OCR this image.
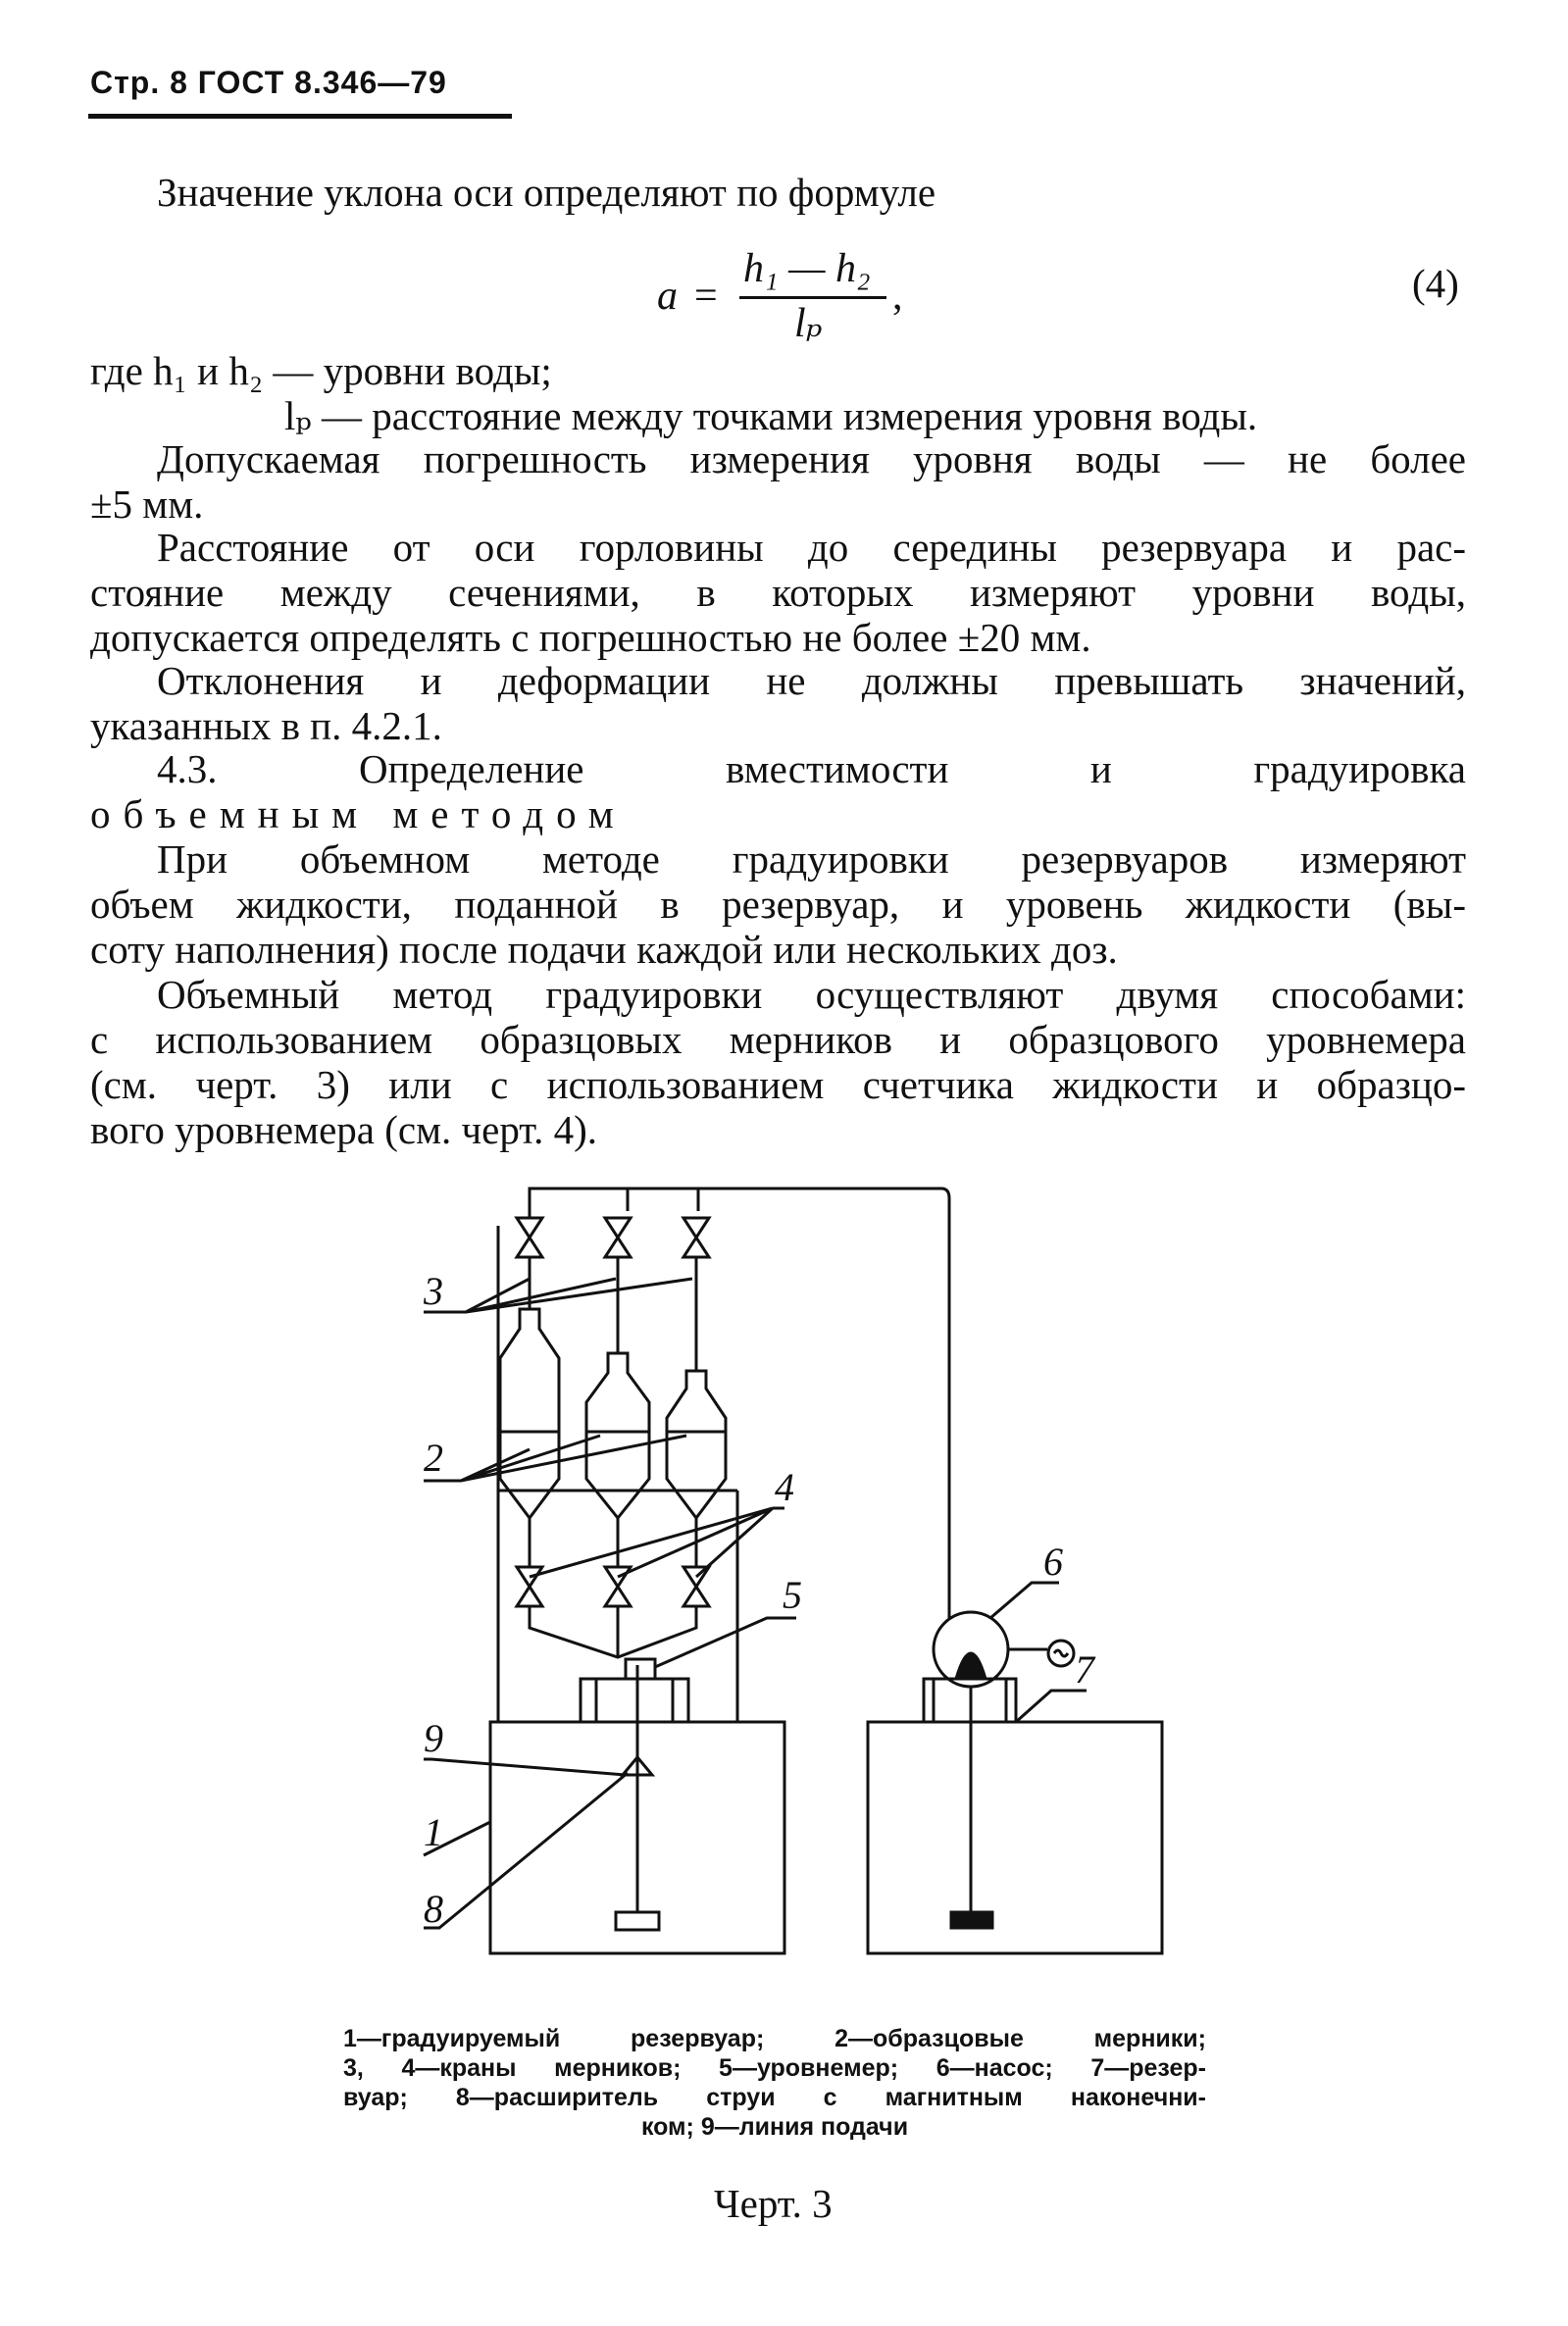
Стр. 8 ГОСТ 8.346—79
Значение уклона оси определяют по формуле
a =
h₁ — h₂
lₚ
,	(4)
где h₁ и h₂ — уровни воды;
lₚ — расстояние между точками измерения уровня воды.
Допускаемая погрешность измерения уровня воды — не более
±5 мм.
Расстояние от оси горловины до середины резервуара и рас-
стояние между сечениями, в которых измеряют уровни воды,
допускается определять с погрешностью не более ±20 мм.
Отклонения и деформации не должны превышать значений,
указанных в п. 4.2.1.
4.3. Определение вместимости и градуировка
объемным методом
При объемном методе градуировки резервуаров измеряют
объем жидкости, поданной в резервуар, и уровень жидкости (вы-
соту наполнения) после подачи каждой или нескольких доз.
Объемный метод градуировки осуществляют двумя способами:
с использованием образцовых мерников и образцового уровнемера
(см. черт. 3) или с использованием счетчика жидкости и образцо-
вого уровнемера (см. черт. 4).
3
2
4
5
6
7
9
1
8
1—градуируемый резервуар; 2—образцовые мерники;
3, 4—краны мерников; 5—уровнемер; 6—насос; 7—резер-
вуар; 8—расширитель струи с магнитным наконечни-
ком; 9—линия подачи
Черт. 3
